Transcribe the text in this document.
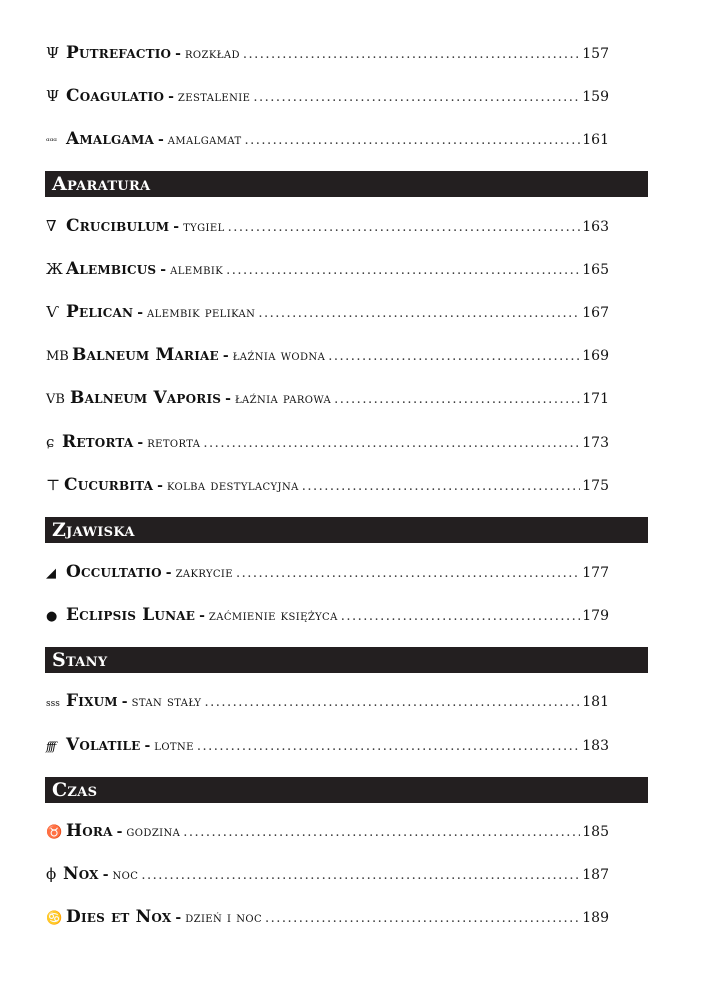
Ψ Putrefactio - rozkład .....	157
Ψ Coagulatio - zestalenie .....	159
ᵅᵅᵅ Amalgama - amalgamat .....	161
Aparatura
∇ Crucibulum - tygiel .....	163
Ж Alembicus - alembik .....	165
Ѵ Pelican - alembik pelikan .....	167
MB Balneum Mariae - łaźnia wodna .....	169
VB Balneum Vaporis - łaźnia parowa .....	171
ɕ Retorta - retorta .....	173
⊤ Cucurbita - kolba destylacyjna .....	175
Zjawiska
◢ Occultatio - zakrycie .....	177
● Eclipsis Lunae - zaćmienie księżyca .....	179
Stany
sss Fixum - stan stały .....	181
ffff Volatile - lotne .....	183
Czas
♉ Hora - godzina .....	185
ϕ Nox - noc .....	187
♋ Dies et Nox - dzień i noc .....	189
